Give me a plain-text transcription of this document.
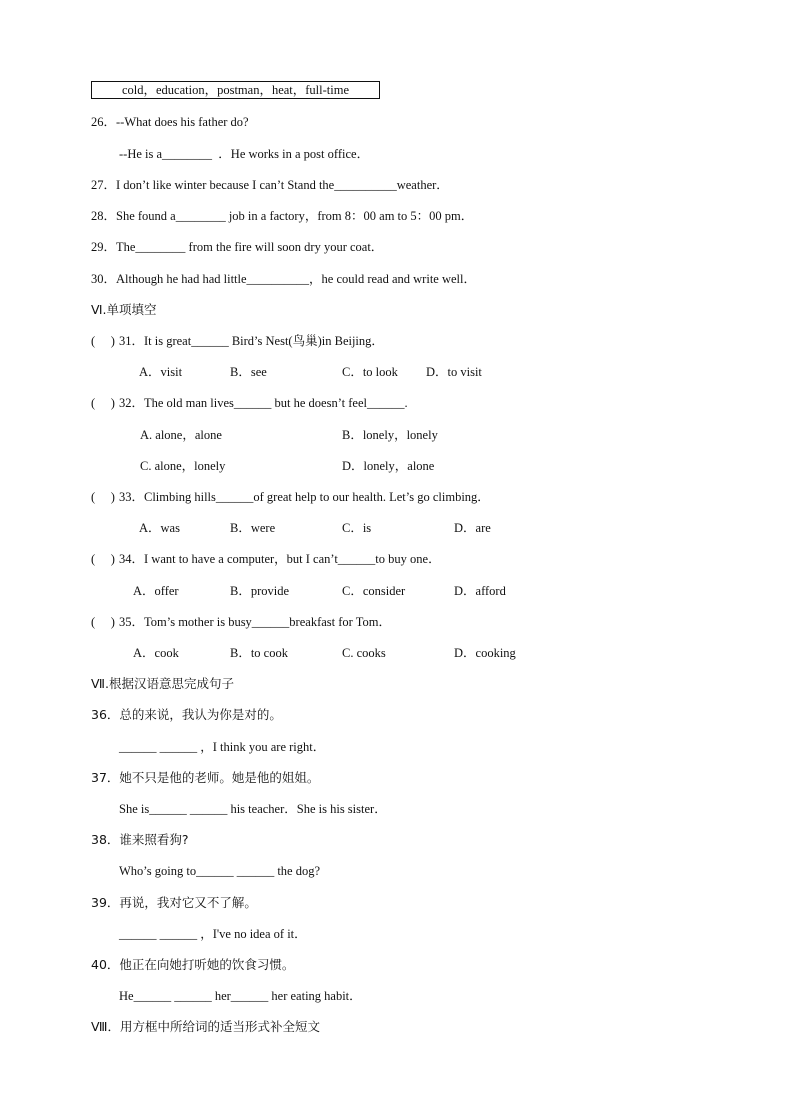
cold，education，postman，heat，full-time
26．--What does his father do?
--He is a________  ．He works in a post office．
27．I don’t like winter because I can’t Stand the__________weather．
28．She found a________ job in a factory，from 8：00 am to 5：00 pm．
29．The________ from the fire will soon dry your coat．
30．Although he had had little__________，he could read and write well．
Ⅵ.单项填空
(     ) 31．It is great______ Bird’s Nest(鸟巢)in Beijing．
A．visit	B．see	C．to look D．to visit
(     ) 32．The old man lives______ but he doesn’t feel______.
A. alone，alone	B．lonely，lonely
C. alone，lonely	D．lonely，alone
(     ) 33．Climbing hills______of great help to our health. Let’s go climbing．
A．was	B．were	C．is	D．are
(     ) 34．I want to have a computer，but I can’t______to buy one．
A．offer	B．provide	C．consider	D．afford
(     ) 35．Tom’s mother is busy______breakfast for Tom．
A．cook	B．to cook	C. cooks	D．cooking
Ⅶ.根据汉语意思完成句子
36．总的来说，我认为你是对的。
______ ______ ，I think you are right．
37．她不只是他的老师。她是他的姐姐。
She is______ ______ his teacher．She is his sister．
38．谁来照看狗?
Who’s going to______ ______ the dog?
39．再说，我对它又不了解。
______ ______ ，I've no idea of it．
40．他正在向她打听她的饮食习惯。
He______ ______ her______ her eating habit．
Ⅷ．用方框中所给词的适当形式补全短文
